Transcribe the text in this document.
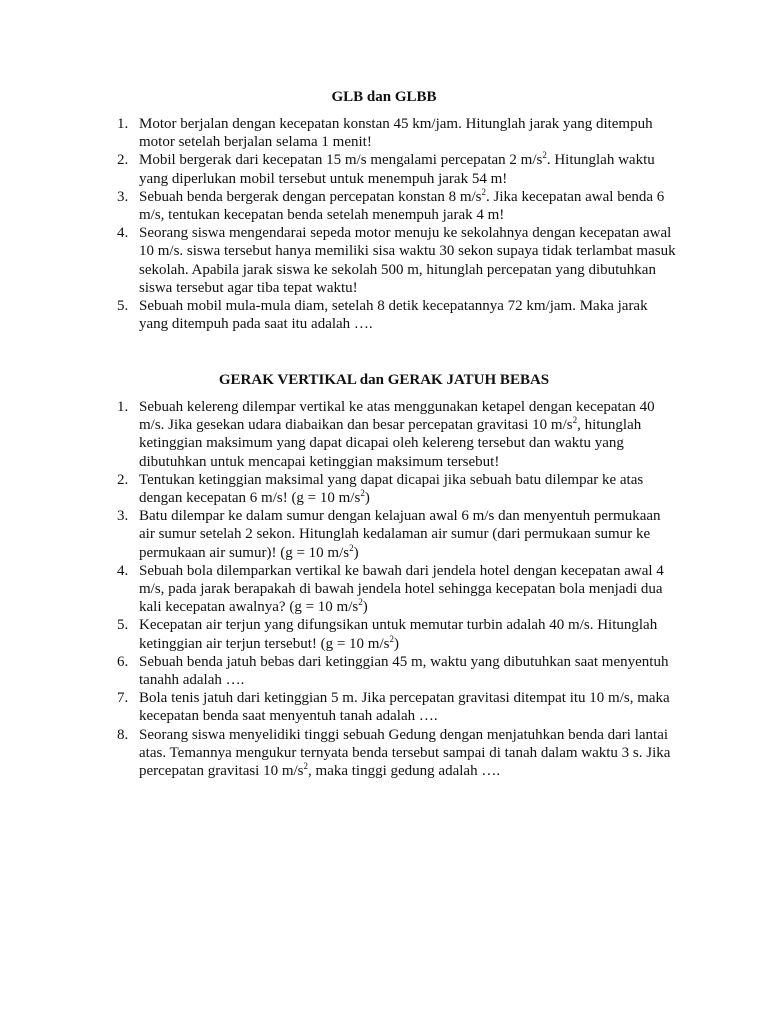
GLB dan GLBB
1. Motor berjalan dengan kecepatan konstan 45 km/jam. Hitunglah jarak yang ditempuh motor setelah berjalan selama 1 menit!
2. Mobil bergerak dari kecepatan 15 m/s mengalami percepatan 2 $m/s^2$. Hitunglah waktu yang diperlukan mobil tersebut untuk menempuh jarak 54 m!
3. Sebuah benda bergerak dengan percepatan konstan 8 $m/s^2$. Jika kecepatan awal benda 6 m/s, tentukan kecepatan benda setelah menempuh jarak 4 m!
4. Seorang siswa mengendarai sepeda motor menuju ke sekolahnya dengan kecepatan awal 10 m/s. siswa tersebut hanya memiliki sisa waktu 30 sekon supaya tidak terlambat masuk sekolah. Apabila jarak siswa ke sekolah 500 m, hitunglah percepatan yang dibutuhkan siswa tersebut agar tiba tepat waktu!
5. Sebuah mobil mula-mula diam, setelah 8 detik kecepatannya 72 km/jam. Maka jarak yang ditempuh pada saat itu adalah ….
GERAK VERTIKAL dan GERAK JATUH BEBAS
1. Sebuah kelereng dilempar vertikal ke atas menggunakan ketapel dengan kecepatan 40 m/s. Jika gesekan udara diabaikan dan besar percepatan gravitasi 10 $m/s^2$, hitunglah ketinggian maksimum yang dapat dicapai oleh kelereng tersebut dan waktu yang dibutuhkan untuk mencapai ketinggian maksimum tersebut!
2. Tentukan ketinggian maksimal yang dapat dicapai jika sebuah batu dilempar ke atas dengan kecepatan 6 m/s! (g = 10 $m/s^2$)
3. Batu dilempar ke dalam sumur dengan kelajuan awal 6 m/s dan menyentuh permukaan air sumur setelah 2 sekon. Hitunglah kedalaman air sumur (dari permukaan sumur ke permukaan air sumur)! (g = 10 $m/s^2$)
4. Sebuah bola dilemparkan vertikal ke bawah dari jendela hotel dengan kecepatan awal 4 m/s, pada jarak berapakah di bawah jendela hotel sehingga kecepatan bola menjadi dua kali kecepatan awalnya? (g = 10 $m/s^2$)
5. Kecepatan air terjun yang difungsikan untuk memutar turbin adalah 40 m/s. Hitunglah ketinggian air terjun tersebut! (g = 10 $m/s^2$)
6. Sebuah benda jatuh bebas dari ketinggian 45 m, waktu yang dibutuhkan saat menyentuh tanahh adalah ….
7. Bola tenis jatuh dari ketinggian 5 m. Jika percepatan gravitasi ditempat itu 10 m/s, maka kecepatan benda saat menyentuh tanah adalah ….
8. Seorang siswa menyelidiki tinggi sebuah Gedung dengan menjatuhkan benda dari lantai atas. Temannya mengukur ternyata benda tersebut sampai di tanah dalam waktu 3 s. Jika percepatan gravitasi 10 $m/s^2$, maka tinggi gedung adalah ….
